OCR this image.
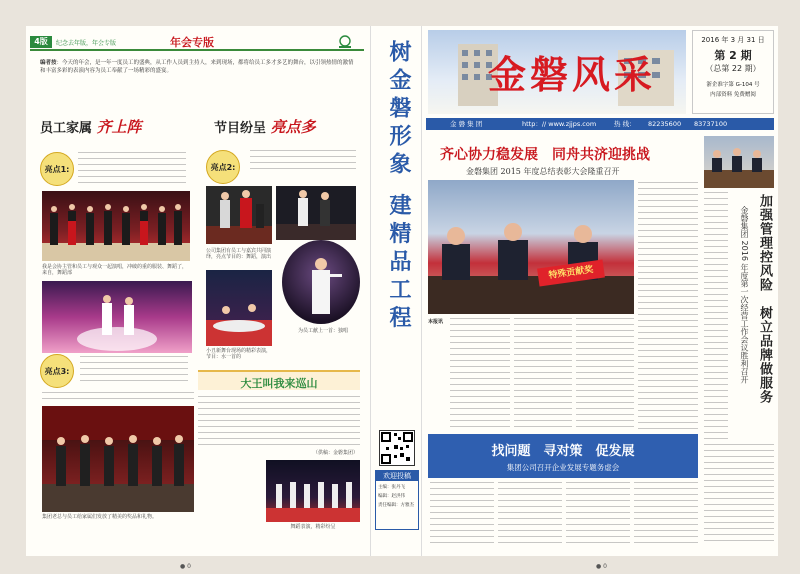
4版	纪念去年版，年会专版	年会专版
编者按：今天的年会，是一年一度员工的盛典，从工作人员到主持人，来到现场，都将给员工多才多艺的舞台，以引领热情的激情和丰富多彩的表演内容为员工奉献了一场精彩的盛宴。
员工家属 齐上阵	节目纷呈 亮点多
亮点1:	亮点2:
我是会协主管和员工与观众一起演唱，冲破的重的服装、舞蹈了，来自，舞蹈部
公司集团有员工与嘉宾共同演绎，亮点节目的：舞蹈，演出
为员工献上一首：独唱
小丑新舞台现场的精彩表演，节目：水一首的
亮点3:
大王叫我来巡山
集团老总与员工给家属们发放了精美的奖品和礼物。
（供稿：金磐集团）
舞蹈表演，精彩纷呈
树金磐形象 建精品工程
欢迎投稿
主编：张丹飞
编辑：赵洪伟
责任编辑：方雅杰
金磐风采
2016 年 3 月 31 日
第 2 期
（总第 22 期）
浙企准字第 G-104 号
内部资料 免费赠阅
金 磐 集 团	http：// www.zjjps.com	热 线： 82235600 83737100
齐心协力稳发展　同舟共济迎挑战
金磐集团 2015 年度总结表彰大会隆重召开
特殊贡献奖
本报讯
找问题　寻对策　促发展
集团公司召开企业发展专题务虚会
加强管理控风险　树立品牌做服务
金磐集团 2016 年度第一次经营工作会议胜利召开
● 0	● 0
